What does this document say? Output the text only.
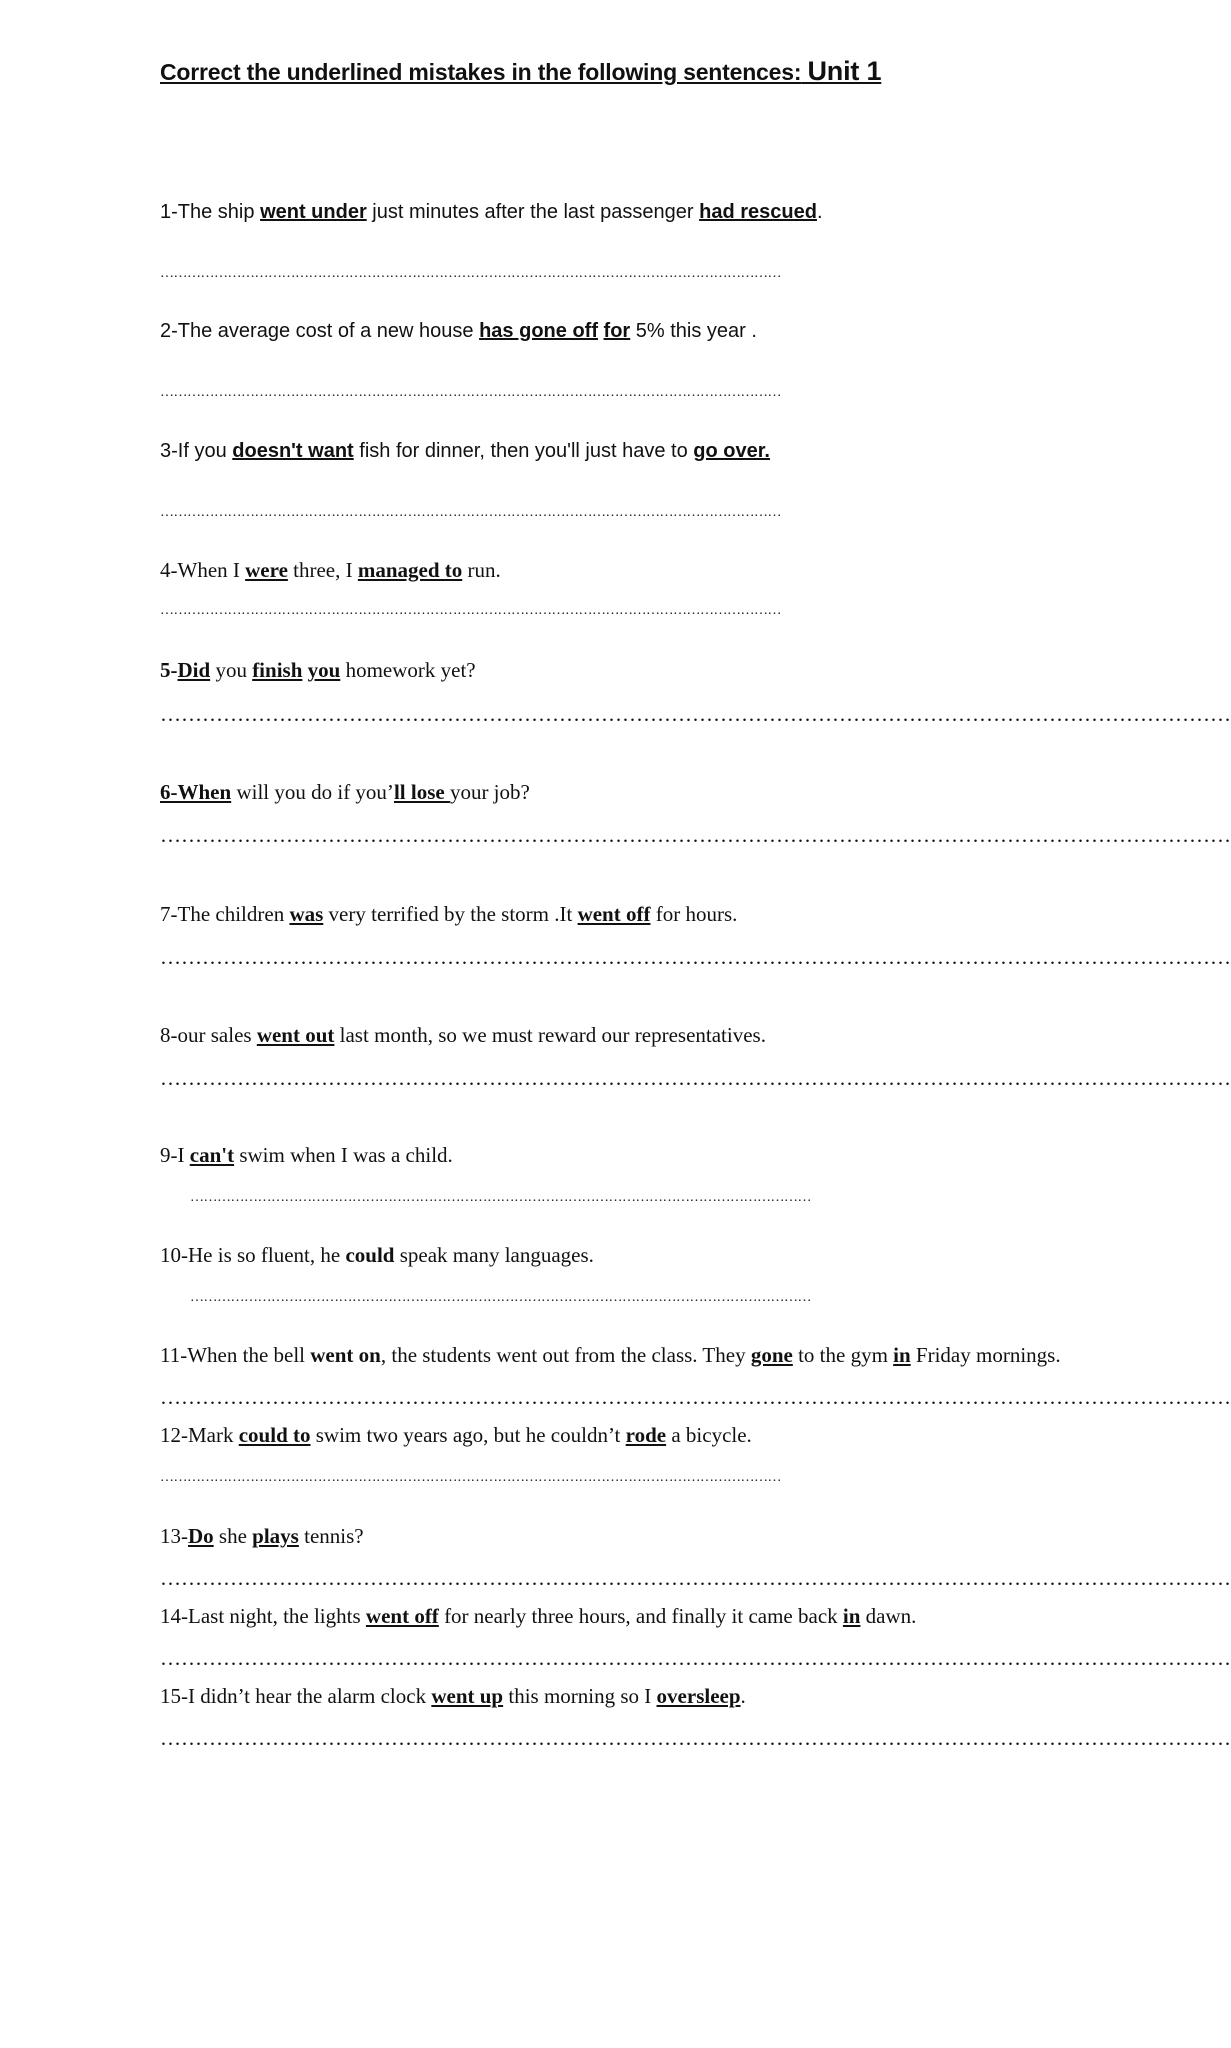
Correct the underlined mistakes in the following sentences: Unit 1
1-The ship went under just minutes after the last passenger had rescued.
…………………………………………………………………………………………………………………………
2-The average cost of a new house has gone off for 5% this year .
…………………………………………………………………………………………………………………………
3-If you doesn't want fish for dinner, then you'll just have to go over.
…………………………………………………………………………………………………………………………
4-When I were three, I managed to run.
…………………………………………………………………………………………………………………………
5-Did you finish you homework yet?
………………………………………………………………………………………………………………………………………
6-When will you do if you’ll lose your job?
………………………………………………………………………………………………………………………………………
7-The children was very terrified by the storm .It went off for hours.
………………………………………………………………………………………………………………………………………
8-our sales went out last month, so we must reward our representatives.
………………………………………………………………………………………………………………………………………
9-I can't swim when I was a child.
…………………………………………………………………………………………………………………………
10-He is so fluent, he could speak many languages.
…………………………………………………………………………………………………………………………
11-When the bell went on, the students went out from the class. They gone to the gym in Friday mornings.
………………………………………………………………………………………………………………………………………
12-Mark could to swim two years ago, but he couldn’t rode a bicycle.
…………………………………………………………………………………………………………………………
13-Do she plays tennis?
………………………………………………………………………………………………………………………………………
14-Last night, the lights went off for nearly three hours, and finally it came back in dawn.
………………………………………………………………………………………………………………………………………
15-I didn’t hear the alarm clock went up this morning so I oversleep.
………………………………………………………………………………………………………………………………………
